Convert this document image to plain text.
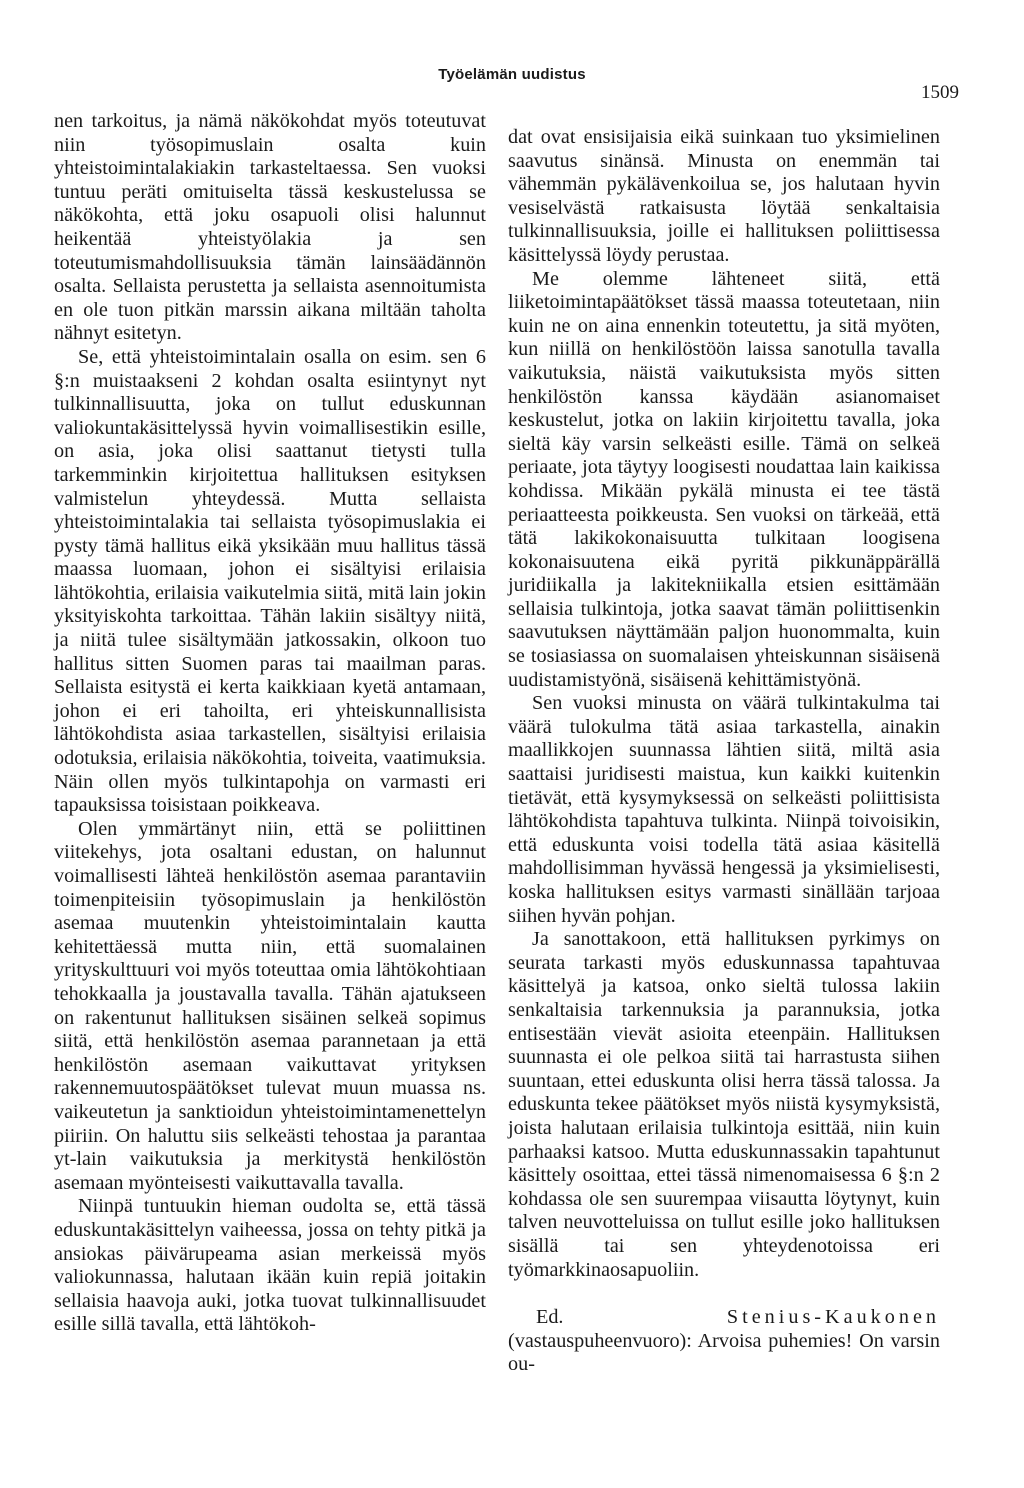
Työelämän uudistus
1509

nen tarkoitus, ja nämä näkökohdat myös toteutuvat niin työsopimuslain osalta kuin yhteistoimintalakiakin tarkasteltaessa. Sen vuoksi tuntuu peräti omituiselta tässä keskustelussa se näkökohta, että joku osapuoli olisi halunnut heikentää yhteistyölakia ja sen toteutumismahdollisuuksia tämän lainsäädännön osalta. Sellaista perustetta ja sellaista asennoitumista en ole tuon pitkän marssin aikana miltään taholta nähnyt esitetyn.

Se, että yhteistoimintalain osalla on esim. sen 6 §:n muistaakseni 2 kohdan osalta esiintynyt nyt tulkinnallisuutta, joka on tullut eduskunnan valiokuntakäsittelyssä hyvin voimallisestikin esille, on asia, joka olisi saattanut tietysti tulla tarkemminkin kirjoitettua hallituksen esityksen valmistelun yhteydessä. Mutta sellaista yhteistoimintalakia tai sellaista työsopimuslakia ei pysty tämä hallitus eikä yksikään muu hallitus tässä maassa luomaan, johon ei sisältyisi erilaisia lähtökohtia, erilaisia vaikutelmia siitä, mitä lain jokin yksityiskohta tarkoittaa. Tähän lakiin sisältyy niitä, ja niitä tulee sisältymään jatkossakin, olkoon tuo hallitus sitten Suomen paras tai maailman paras. Sellaista esitystä ei kerta kaikkiaan kyetä antamaan, johon ei eri tahoilta, eri yhteiskunnallisista lähtökohdista asiaa tarkastellen, sisältyisi erilaisia odotuksia, erilaisia näkökohtia, toiveita, vaatimuksia. Näin ollen myös tulkintapohja on varmasti eri tapauksissa toisistaan poikkeava.

Olen ymmärtänyt niin, että se poliittinen viitekehys, jota osaltani edustan, on halunnut voimallisesti lähteä henkilöstön asemaa parantaviin toimenpiteisiin työsopimuslain ja henkilöstön asemaa muutenkin yhteistoimintalain kautta kehitettäessä mutta niin, että suomalainen yrityskulttuuri voi myös toteuttaa omia lähtökohtiaan tehokkaalla ja joustavalla tavalla. Tähän ajatukseen on rakentunut hallituksen sisäinen selkeä sopimus siitä, että henkilöstön asemaa parannetaan ja että henkilöstön asemaan vaikuttavat yrityksen rakennemuutospäätökset tulevat muun muassa ns. vaikeutetun ja sanktioidun yhteistoimintamenettelyn piiriin. On haluttu siis selkeästi tehostaa ja parantaa yt-lain vaikutuksia ja merkitystä henkilöstön asemaan myönteisesti vaikuttavalla tavalla.

Niinpä tuntuukin hieman oudolta se, että tässä eduskuntakäsittelyn vaiheessa, jossa on tehty pitkä ja ansiokas päivärupeama asian merkeissä myös valiokunnassa, halutaan ikään kuin repiä joitakin sellaisia haavoja auki, jotka tuovat tulkinnallisuudet esille sillä tavalla, että lähtökoh-

dat ovat ensisijaisia eikä suinkaan tuo yksimielinen saavutus sinänsä. Minusta on enemmän tai vähemmän pykälävenkoilua se, jos halutaan hyvin vesiselvästä ratkaisusta löytää senkaltaisia tulkinnallisuuksia, joille ei hallituksen poliittisessa käsittelyssä löydy perustaa.

Me olemme lähteneet siitä, että liiketoimintapäätökset tässä maassa toteutetaan, niin kuin ne on aina ennenkin toteutettu, ja sitä myöten, kun niillä on henkilöstöön laissa sanotulla tavalla vaikutuksia, näistä vaikutuksista myös sitten henkilöstön kanssa käydään asianomaiset keskustelut, jotka on lakiin kirjoitettu tavalla, joka sieltä käy varsin selkeästi esille. Tämä on selkeä periaate, jota täytyy loogisesti noudattaa lain kaikissa kohdissa. Mikään pykälä minusta ei tee tästä periaatteesta poikkeusta. Sen vuoksi on tärkeää, että tätä lakikokonaisuutta tulkitaan loogisena kokonaisuutena eikä pyritä pikkunäppärällä juridiikalla ja lakitekniikalla etsien esittämään sellaisia tulkintoja, jotka saavat tämän poliittisenkin saavutuksen näyttämään paljon huonommalta, kuin se tosiasiassa on suomalaisen yhteiskunnan sisäisenä uudistamistyönä, sisäisenä kehittämistyönä.

Sen vuoksi minusta on väärä tulkintakulma tai väärä tulokulma tätä asiaa tarkastella, ainakin maallikkojen suunnassa lähtien siitä, miltä asia saattaisi juridisesti maistua, kun kaikki kuitenkin tietävät, että kysymyksessä on selkeästi poliittisista lähtökohdista tapahtuva tulkinta. Niinpä toivoisikin, että eduskunta voisi todella tätä asiaa käsitellä mahdollisimman hyvässä hengessä ja yksimielisesti, koska hallituksen esitys varmasti sinällään tarjoaa siihen hyvän pohjan.

Ja sanottakoon, että hallituksen pyrkimys on seurata tarkasti myös eduskunnassa tapahtuvaa käsittelyä ja katsoa, onko sieltä tulossa lakiin senkaltaisia tarkennuksia ja parannuksia, jotka entisestään vievät asioita eteenpäin. Hallituksen suunnasta ei ole pelkoa siitä tai harrastusta siihen suuntaan, ettei eduskunta olisi herra tässä talossa. Ja eduskunta tekee päätökset myös niistä kysymyksistä, joista halutaan erilaisia tulkintoja esittää, niin kuin parhaaksi katsoo. Mutta eduskunnassakin tapahtunut käsittely osoittaa, ettei tässä nimenomaisessa 6 §:n 2 kohdassa ole sen suurempaa viisautta löytynyt, kuin talven neuvotteluissa on tullut esille joko hallituksen sisällä tai sen yhteydenotoissa eri työmarkkinaosapuoliin.

Ed.	Stenius-Kaukonen (vastauspuheenvuoro): Arvoisa puhemies! On varsin ou-
